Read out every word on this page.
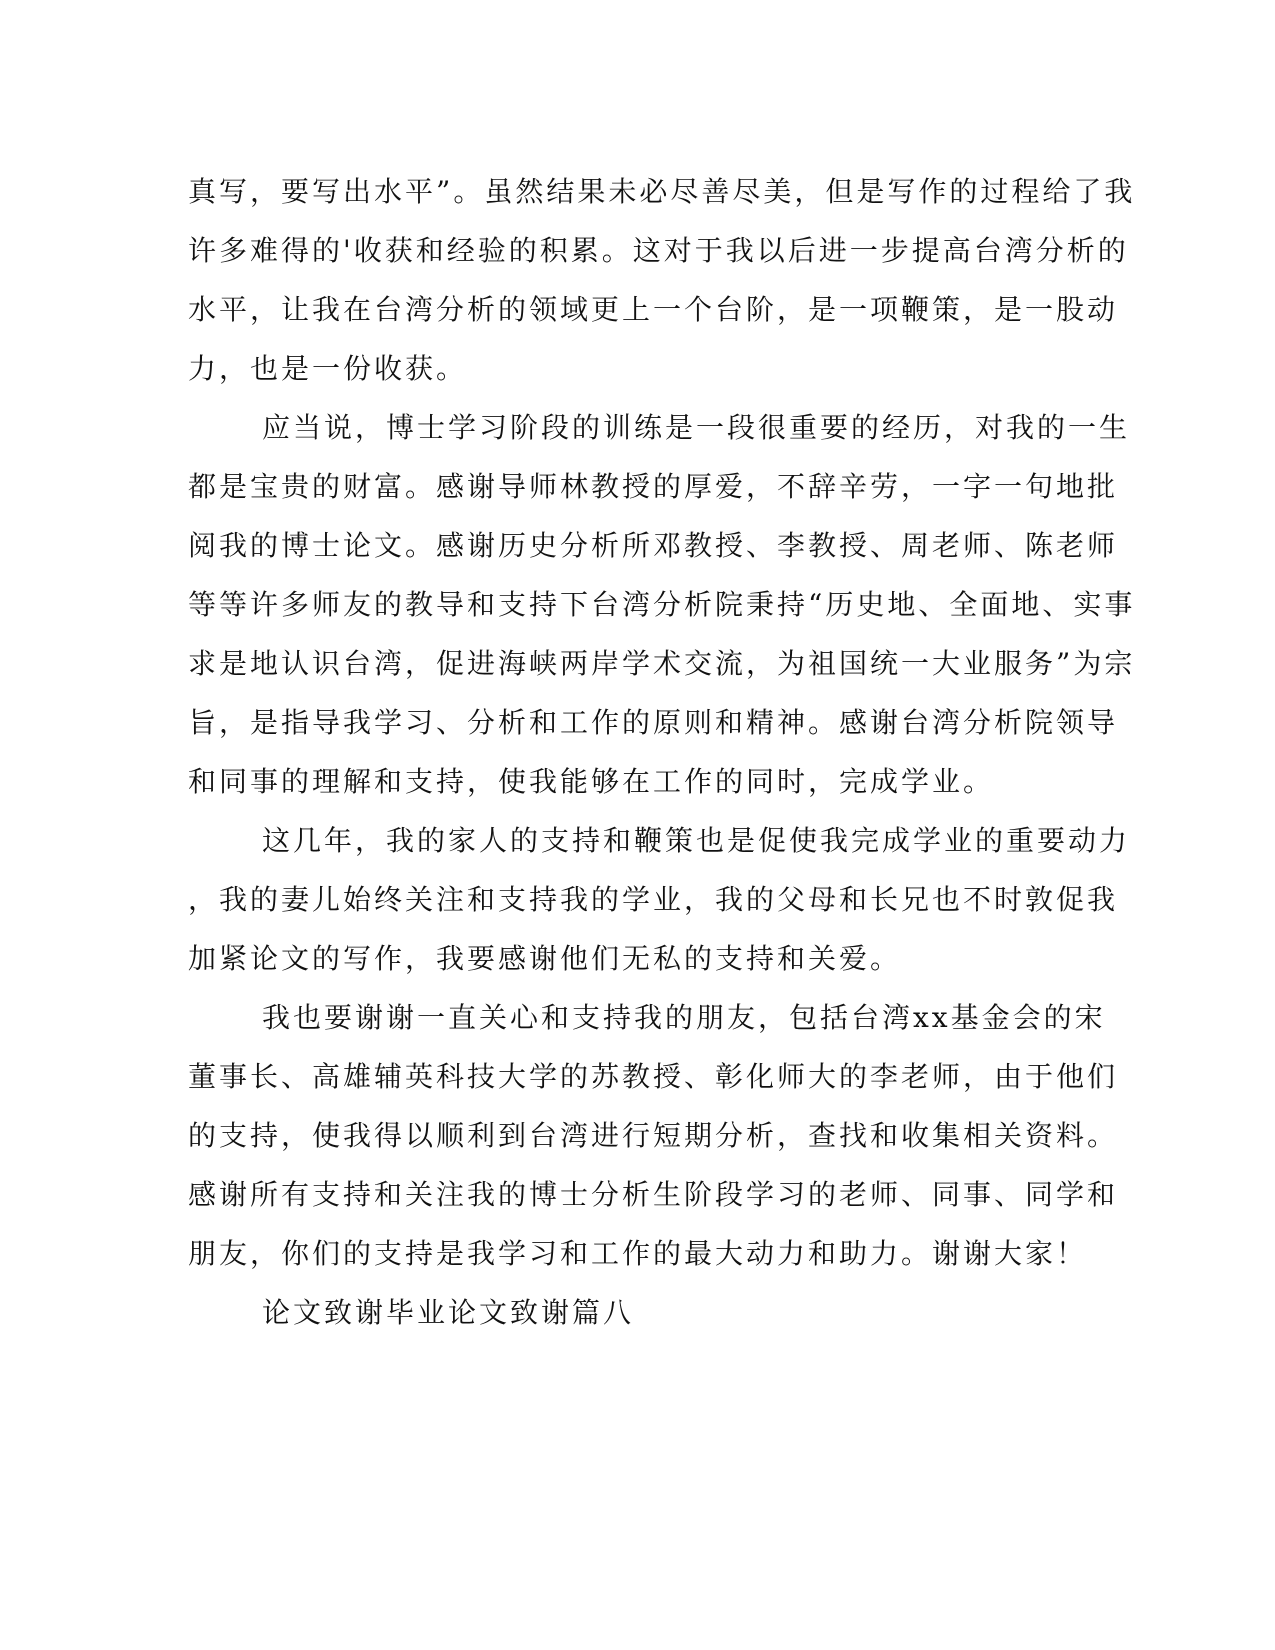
真写，要写出水平”。虽然结果未必尽善尽美，但是写作的过程给了我
许多难得的'收获和经验的积累。这对于我以后进一步提高台湾分析的
水平，让我在台湾分析的领域更上一个台阶，是一项鞭策，是一股动
力，也是一份收获。
应当说，博士学习阶段的训练是一段很重要的经历，对我的一生
都是宝贵的财富。感谢导师林教授的厚爱，不辞辛劳，一字一句地批
阅我的博士论文。感谢历史分析所邓教授、李教授、周老师、陈老师
等等许多师友的教导和支持下台湾分析院秉持“历史地、全面地、实事
求是地认识台湾，促进海峡两岸学术交流，为祖国统一大业服务”为宗
旨，是指导我学习、分析和工作的原则和精神。感谢台湾分析院领导
和同事的理解和支持，使我能够在工作的同时，完成学业。
这几年，我的家人的支持和鞭策也是促使我完成学业的重要动力
，我的妻儿始终关注和支持我的学业，我的父母和长兄也不时敦促我
加紧论文的写作，我要感谢他们无私的支持和关爱。
我也要谢谢一直关心和支持我的朋友，包括台湾xx基金会的宋
董事长、高雄辅英科技大学的苏教授、彰化师大的李老师，由于他们
的支持，使我得以顺利到台湾进行短期分析，查找和收集相关资料。
感谢所有支持和关注我的博士分析生阶段学习的老师、同事、同学和
朋友，你们的支持是我学习和工作的最大动力和助力。谢谢大家！
论文致谢毕业论文致谢篇八
